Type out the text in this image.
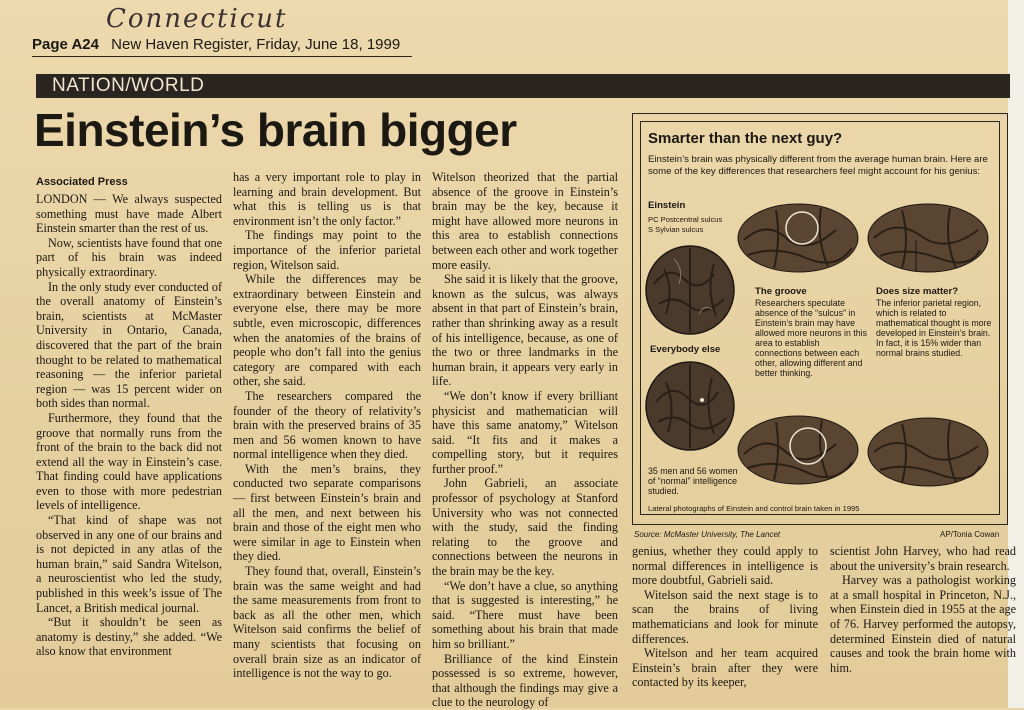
Connecticut
Page A24 New Haven Register, Friday, June 18, 1999
NATION/WORLD
Einstein’s brain bigger
Associated Press

LONDON — We always suspected something must have made Albert Einstein smarter than the rest of us.

Now, scientists have found that one part of his brain was indeed physically extraordinary.

In the only study ever conducted of the overall anatomy of Einstein’s brain, scientists at McMaster University in Ontario, Canada, discovered that the part of the brain thought to be related to mathematical reasoning — the inferior parietal region — was 15 percent wider on both sides than normal.

Furthermore, they found that the groove that normally runs from the front of the brain to the back did not extend all the way in Einstein’s case. That finding could have applications even to those with more pedestrian levels of intelligence.

“That kind of shape was not observed in any one of our brains and is not depicted in any atlas of the human brain,” said Sandra Witelson, a neuroscientist who led the study, published in this week’s issue of The Lancet, a British medical journal.

“But it shouldn’t be seen as anatomy is destiny,” she added. “We also know that environment

has a very important role to play in learning and brain development. But what this is telling us is that environment isn’t the only factor.”

The findings may point to the importance of the inferior parietal region, Witelson said.

While the differences may be extraordinary between Einstein and everyone else, there may be more subtle, even microscopic, differences when the anatomies of the brains of people who don’t fall into the genius category are compared with each other, she said.

The researchers compared the founder of the theory of relativity’s brain with the preserved brains of 35 men and 56 women known to have normal intelligence when they died.

With the men’s brains, they conducted two separate comparisons — first between Einstein’s brain and all the men, and next between his brain and those of the eight men who were similar in age to Einstein when they died.

They found that, overall, Einstein’s brain was the same weight and had the same measurements from front to back as all the other men, which Witelson said confirms the belief of many scientists that focusing on overall brain size as an indicator of intelligence is not the way to go.

Witelson theorized that the partial absence of the groove in Einstein’s brain may be the key, because it might have allowed more neurons in this area to establish connections between each other and work together more easily.

She said it is likely that the groove, known as the sulcus, was always absent in that part of Einstein’s brain, rather than shrinking away as a result of his intelligence, because, as one of the two or three landmarks in the human brain, it appears very early in life.

“We don’t know if every brilliant physicist and mathematician will have this same anatomy,” Witelson said. “It fits and it makes a compelling story, but it requires further proof.”

John Gabrieli, an associate professor of psychology at Stanford University who was not connected with the study, said the finding relating to the groove and connections between the neurons in the brain may be the key.

“We don’t have a clue, so anything that is suggested is interesting,” he said. “There must have been something about his brain that made him so brilliant.”

Brilliance of the kind Einstein possessed is so extreme, however, that although the findings may give a clue to the neurology of

genius, whether they could apply to normal differences in intelligence is more doubtful, Gabrieli said.

Witelson said the next stage is to scan the brains of living mathematicians and look for minute differences.

Witelson and her team acquired Einstein’s brain after they were contacted by its keeper,

scientist John Harvey, who had read about the university’s brain research.

Harvey was a pathologist working at a small hospital in Princeton, N.J., when Einstein died in 1955 at the age of 76. Harvey performed the autopsy, determined Einstein died of natural causes and took the brain home with him.

Smarter than the next guy?
Einstein’s brain was physically different from the average human brain. Here are some of the key differences that researchers feel might account for his genius:
Einstein
PC Postcentral sulcus
S Sylvian sulcus
Everybody else
The groove
Researchers speculate absence of the “sulcus” in Einstein’s brain may have allowed more neurons in this area to establish connections between each other, allowing different and better thinking.
Does size matter?
The inferior parietal region, which is related to mathematical thought is more developed in Einstein’s brain. In fact, it is 15% wider than normal brains studied.
35 men and 56 women of “normal” intelligence studied.
Lateral photographs of Einstein and control brain taken in 1995
Source: McMaster University, The Lancet	AP/Tonia Cowan
